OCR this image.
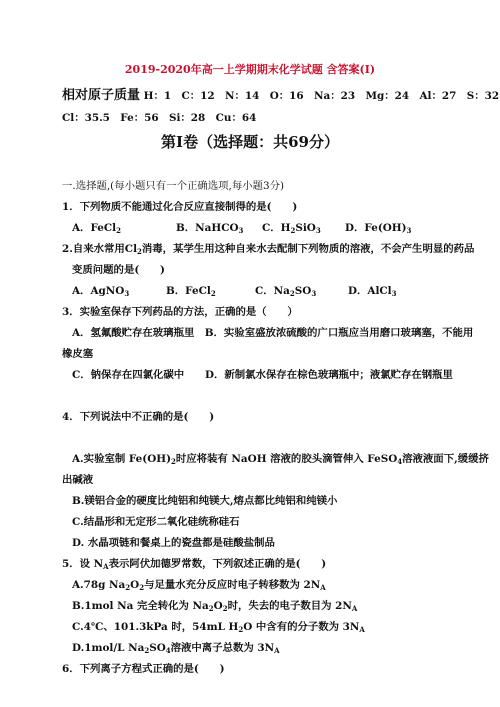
2019-2020年高一上学期期末化学试题 含答案(I)
相对原子质量 H：1　C：12　N：14　O：16　Na：23　Mg：24　Al：27　S：32
Cl：35.5　Fe：56　Si：28　Cu：64
第Ⅰ卷（选择题：共69分）
一.选择题,(每小题只有一个正确选项,每小题3分)
1．下列物质不能通过化合反应直接制得的是(　　)
A．FeCl$_2$	B．NaHCO$_3$ C．$H_2SiO_3$ D．$Fe(OH)_3$
2.自来水常用$Cl_2$消毒，某学生用这种自来水去配制下列物质的溶液，不会产生明显的药品
变质问题的是(　　)
A．AgNO$_3$	B．FeCl$_2$	C．$Na_2SO_3$	D．AlCl$_3$
3．实验室保存下列药品的方法，正确的是（　　）
A．氢氟酸贮存在玻璃瓶里　B．实验室盛放浓硫酸的广口瓶应当用磨口玻璃塞，不能用
橡皮塞
C．钠保存在四氯化碳中　　D．新制氯水保存在棕色玻璃瓶中；液氯贮存在钢瓶里
4．下列说法中不正确的是(　　)
A.实验室制 $Fe(OH)_2$时应将装有 NaOH 溶液的胶头滴管伸入 FeSO$_4$溶液液面下,缓缓挤
出碱液
B.镁铝合金的硬度比纯铝和纯镁大,熔点都比纯铝和纯镁小
C.结晶形和无定形二氧化硅统称硅石
D. 水晶项链和餐桌上的瓷盘都是硅酸盐制品
5．设 $N_A$表示阿伏加德罗常数，下列叙述正确的是(　　)
A.78g $Na_2O_2$与足量水充分反应时电子转移数为 $2N_A$
B.1mol Na 完全转化为 $Na_2O_2$时，失去的电子数目为 $2N_A$
C.4℃、101.3kPa 时，54mL $H_2O$ 中含有的分子数为 $3N_A$
D.1mol/L $Na_2SO_4$溶液中离子总数为 $3N_A$
6．下列离子方程式正确的是(　　)
